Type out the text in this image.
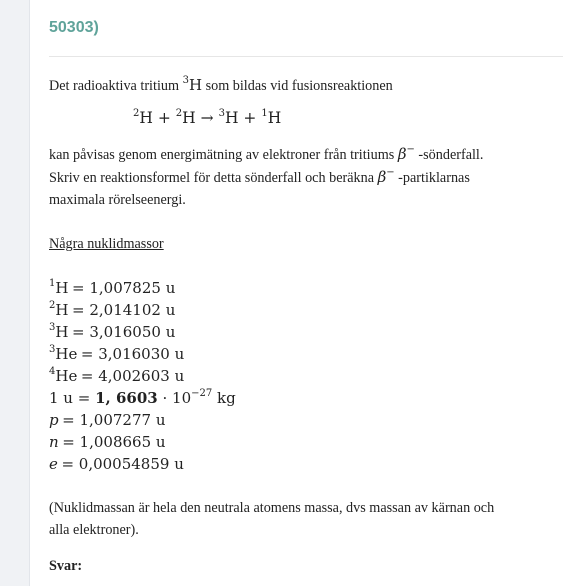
50303)
Det radioaktiva tritium $^3$H som bildas vid fusionsreaktionen
$^2$H + $^2$H → $^3$H + $^1$H
kan påvisas genom energimätning av elektroner från tritiums β− -sönderfall.
Skriv en reaktionsformel för detta sönderfall och beräkna β− -partiklarnas
maximala rörelseenergi.
Några nuklidmassor
$^1$H = 1,007825 u
$^2$H = 2,014102 u
$^3$H = 3,016050 u
$^3$He = 3,016030 u
$^4$He = 4,002603 u
1 u = 1, $6603 \cdot 10^{-27}$ kg
p = 1,007277 u
n = 1,008665 u
e = 0,00054859 u
(Nuklidmassan är hela den neutrala atomens massa, dvs massan av kärnan och
alla elektroner).
Svar:
